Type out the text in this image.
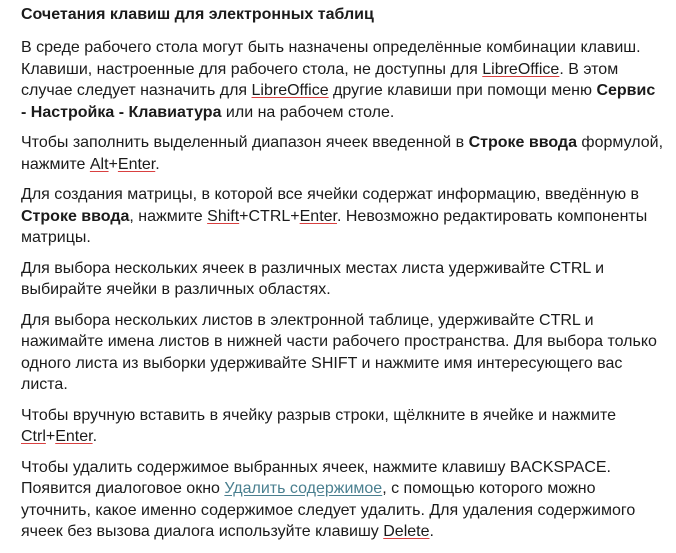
Сочетания клавиш для электронных таблиц

В среде рабочего стола могут быть назначены определённые комбинации клавиш. Клавиши, настроенные для рабочего стола, не доступны для LibreOffice. В этом случае следует назначить для LibreOffice другие клавиши при помощи меню Сервис - Настройка - Клавиатура или на рабочем столе.

Чтобы заполнить выделенный диапазон ячеек введенной в Строке ввода формулой, нажмите Alt+Enter.

Для создания матрицы, в которой все ячейки содержат информацию, введённую в Строке ввода, нажмите Shift+CTRL+Enter. Невозможно редактировать компоненты матрицы.

Для выбора нескольких ячеек в различных местах листа удерживайте CTRL и выбирайте ячейки в различных областях.

Для выбора нескольких листов в электронной таблице, удерживайте CTRL и нажимайте имена листов в нижней части рабочего пространства. Для выбора только одного листа из выборки удерживайте SHIFT и нажмите имя интересующего вас листа.

Чтобы вручную вставить в ячейку разрыв строки, щёлкните в ячейке и нажмите Ctrl+Enter.

Чтобы удалить содержимое выбранных ячеек, нажмите клавишу BACKSPACE. Появится диалоговое окно Удалить содержимое, с помощью которого можно уточнить, какое именно содержимое следует удалить. Для удаления содержимого ячеек без вызова диалога используйте клавишу Delete.
